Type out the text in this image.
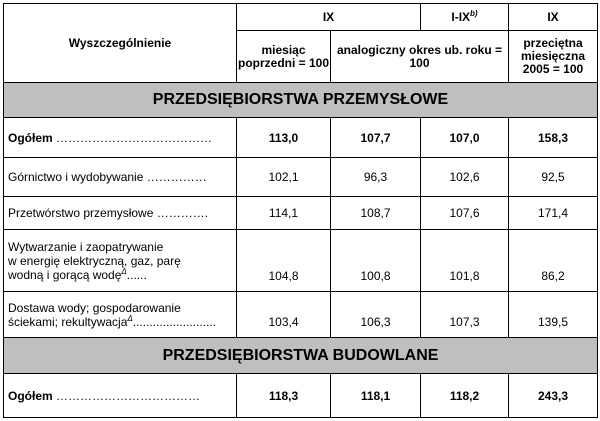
Wyszczególnienie	IX		I-IX$^{b)}$	IX
	miesiąc poprzedni = 100	analogiczny okres ub. roku = 100		przeciętna miesięczna 2005 = 100
PRZEDSIĘBIORSTWA PRZEMYSŁOWE				
Ogółem …………………………………	113,0	107,7	107,0	158,3
Górnictwo i wydobywanie ……………	102,1	96,3	102,6	92,5
Przetwórstwo przemysłowe ………….	114,1	108,7	107,6	171,4
Wytwarzanie i zaopatrywanie
w energię elektryczną, gaz, parę
wodną i gorącą wodę$^\Delta$......	104,8	100,8	101,8	86,2
Dostawa wody; gospodarowanie
ściekami; rekultywacja$^\Delta$.........................	103,4	106,3	107,3	139,5
PRZEDSIĘBIORSTWA BUDOWLANE				
Ogółem ………………………………	118,3	118,1	118,2	243,3
